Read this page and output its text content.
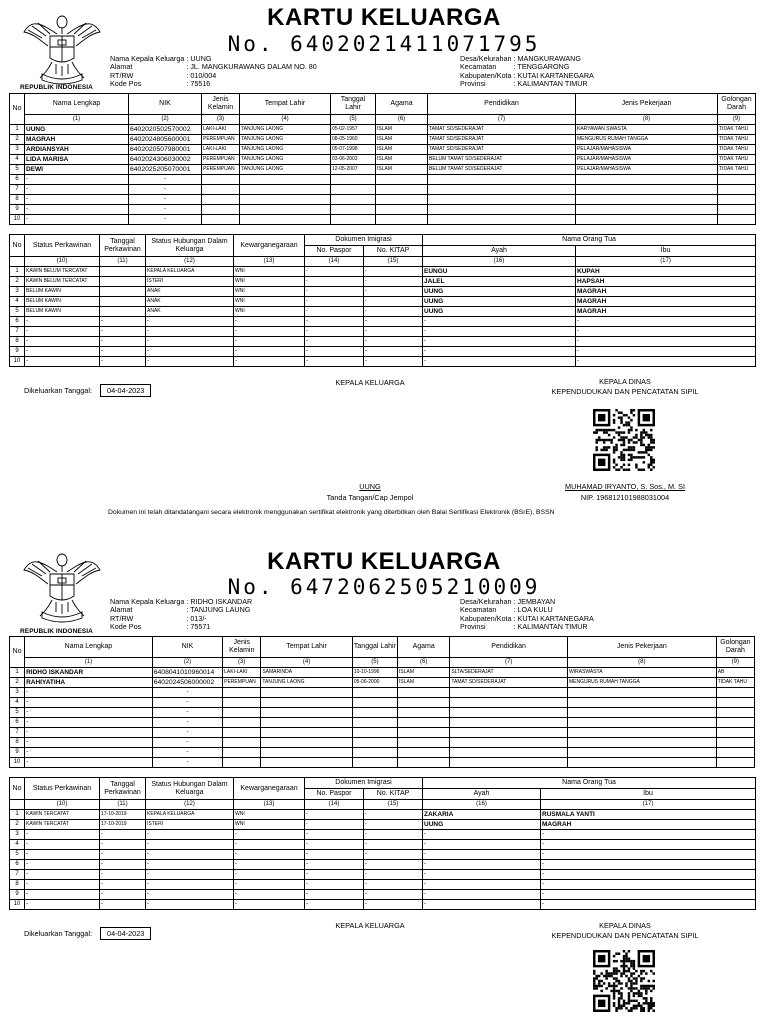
REPUBLIK INDONESIA
KARTU KELUARGA
No. 6402021411071795
Nama Kepala Keluarga	: UUNG
Alamat	: JL. MANGKURAWANG DALAM NO. 80
RT/RW	: 010/004
Kode Pos	: 75516
Desa/Kelurahan	: MANGKURAWANG
Kecamatan	: TENGGARONG
Kabupaten/Kota	: KUTAI KARTANEGARA
Provinsi	: KALIMANTAN TIMUR
No	Nama Lengkap	NIK	Jenis Kelamin	Tempat Lahir	Tanggal Lahir	Agama	Pendidikan	Jenis Pekerjaan	Golongan Darah
	(1)	(2)	(3)	(4)	(5)	(6)	(7)	(8)	(9)
1	UUNG	6402020502570002	LAKI-LAKI	TANJUNG LAONG	05-02-1957	ISLAM	TAMAT SD/SEDERAJAT	KARYAWAN SWASTA	TIDAK TAHU
2	MAGRAH	6402024805600001	PEREMPUAN	TANJUNG LAONG	08-05-1960	ISLAM	TAMAT SD/SEDERAJAT	MENGURUS RUMAH TANGGA	TIDAK TAHU
3	ARDIANSYAH	6402020507980001	LAKI-LAKI	TANJUNG LAONG	05-07-1998	ISLAM	TAMAT SD/SEDERAJAT	PELAJAR/MAHASISWA	TIDAK TAHU
4	LIDA MARISA	6402024306030002	PEREMPUAN	TANJUNG LAONG	03-06-2003	ISLAM	BELUM TAMAT SD/SEDERAJAT	PELAJAR/MAHASISWA	TIDAK TAHU
5	DEWI	6402025205070001	PEREMPUAN	TANJUNG LAONG	12-05-2007	ISLAM	BELUM TAMAT SD/SEDERAJAT	PELAJAR/MAHASISWA	TIDAK TAHU
6	-	-							
7	-	-							
8	-	-							
9	-	-							
10	-	-							
No	Status Perkawinan	Tanggal Perkawinan	Status Hubungan Dalam Keluarga	Kewarganegaraan	Dokumen Imigrasi		Nama Orang Tua	
					No. Paspor	No. KITAP	Ayah	Ibu
	(10)	(11)	(12)	(13)	(14)	(15)	(16)	(17)
1	KAWIN BELUM TERCATAT		KEPALA KELUARGA	WNI	-	-	EUNGU	KUPAH
2	KAWIN BELUM TERCATAT		ISTERI	WNI	-	-	JALEL	HAPSAH
3	BELUM KAWIN		ANAK	WNI	-	-	UUNG	MAGRAH
4	BELUM KAWIN		ANAK	WNI	-	-	UUNG	MAGRAH
5	BELUM KAWIN		ANAK	WNI	-	-	UUNG	MAGRAH
6	-	-	-	-	-	-	-	-
7	-	-	-	-	-	-	-	-
8	-	-	-	-	-	-	-	-
9	-	-	-	-	-	-	-	-
10	-	-	-	-	-	-	-	-
Dikeluarkan Tanggal: 04-04-2023
KEPALA KELUARGA	KEPALA DINAS
KEPENDUDUKAN DAN PENCATATAN SIPIL
UUNG
Tanda Tangan/Cap Jempol
MUHAMAD IRYANTO, S. Sos., M. SI
NIP. 196812101988031004
Dokumen ini telah ditandatangani secara elektronik menggunakan sertifikat elektronik yang diterbitkan oleh Balai Sertifikasi Elektronik (BSrE), BSSN
REPUBLIK INDONESIA
KARTU KELUARGA
No. 6472062505210009
Nama Kepala Keluarga	: RIDHO ISKANDAR
Alamat	: TANJUNG LAUNG
RT/RW	: 013/-
Kode Pos	: 75571
Desa/Kelurahan	: JEMBAYAN
Kecamatan	: LOA KULU
Kabupaten/Kota	: KUTAI KARTANEGARA
Provinsi	: KALIMANTAN TIMUR
No	Nama Lengkap	NIK	Jenis Kelamin	Tempat Lahir	Tanggal Lahir	Agama	Pendidikan	Jenis Pekerjaan	Golongan Darah
	(1)	(2)	(3)	(4)	(5)	(6)	(7)	(8)	(9)
1	RIDHO ISKANDAR	6408041010960014	LAKI-LAKI	SAMARINDA	10-10-1996	ISLAM	SLTA/SEDERAJAT	WIRASWASTA	AB
2	RAHIYATIHA	6402024506000002	PEREMPUAN	TANJUNG LAONG	05-06-2000	ISLAM	TAMAT SD/SEDERAJAT	MENGURUS RUMAH TANGGA	TIDAK TAHU
3	-	-							
4	-	-							
5	-	-							
6	-	-							
7	-	-							
8	-	-							
9	-	-							
10	-	-							
No	Status Perkawinan	Tanggal Perkawinan	Status Hubungan Dalam Keluarga	Kewarganegaraan	Dokumen Imigrasi		Nama Orang Tua	
					No. Paspor	No. KITAP	Ayah	Ibu
	(10)	(11)	(12)	(13)	(14)	(15)	(16)	(17)
1	KAWIN TERCATAT	17-10-2019	KEPALA KELUARGA	WNI	-	-	ZAKARIA	RUSMALA YANTI
2	KAWIN TERCATAT	17-10-2019	ISTERI	WNI	-	-	UUNG	MAGRAH
3	-	-	-	-	-	-	-	-
4	-	-	-	-	-	-	-	-
5	-	-	-	-	-	-	-	-
6	-	-	-	-	-	-	-	-
7	-	-	-	-	-	-	-	-
8	-	-	-	-	-	-	-	-
9	-	-	-	-	-	-	-	-
10	-	-	-	-	-	-	-	-
Dikeluarkan Tanggal: 04-04-2023
KEPALA KELUARGA	KEPALA DINAS
KEPENDUDUKAN DAN PENCATATAN SIPIL
